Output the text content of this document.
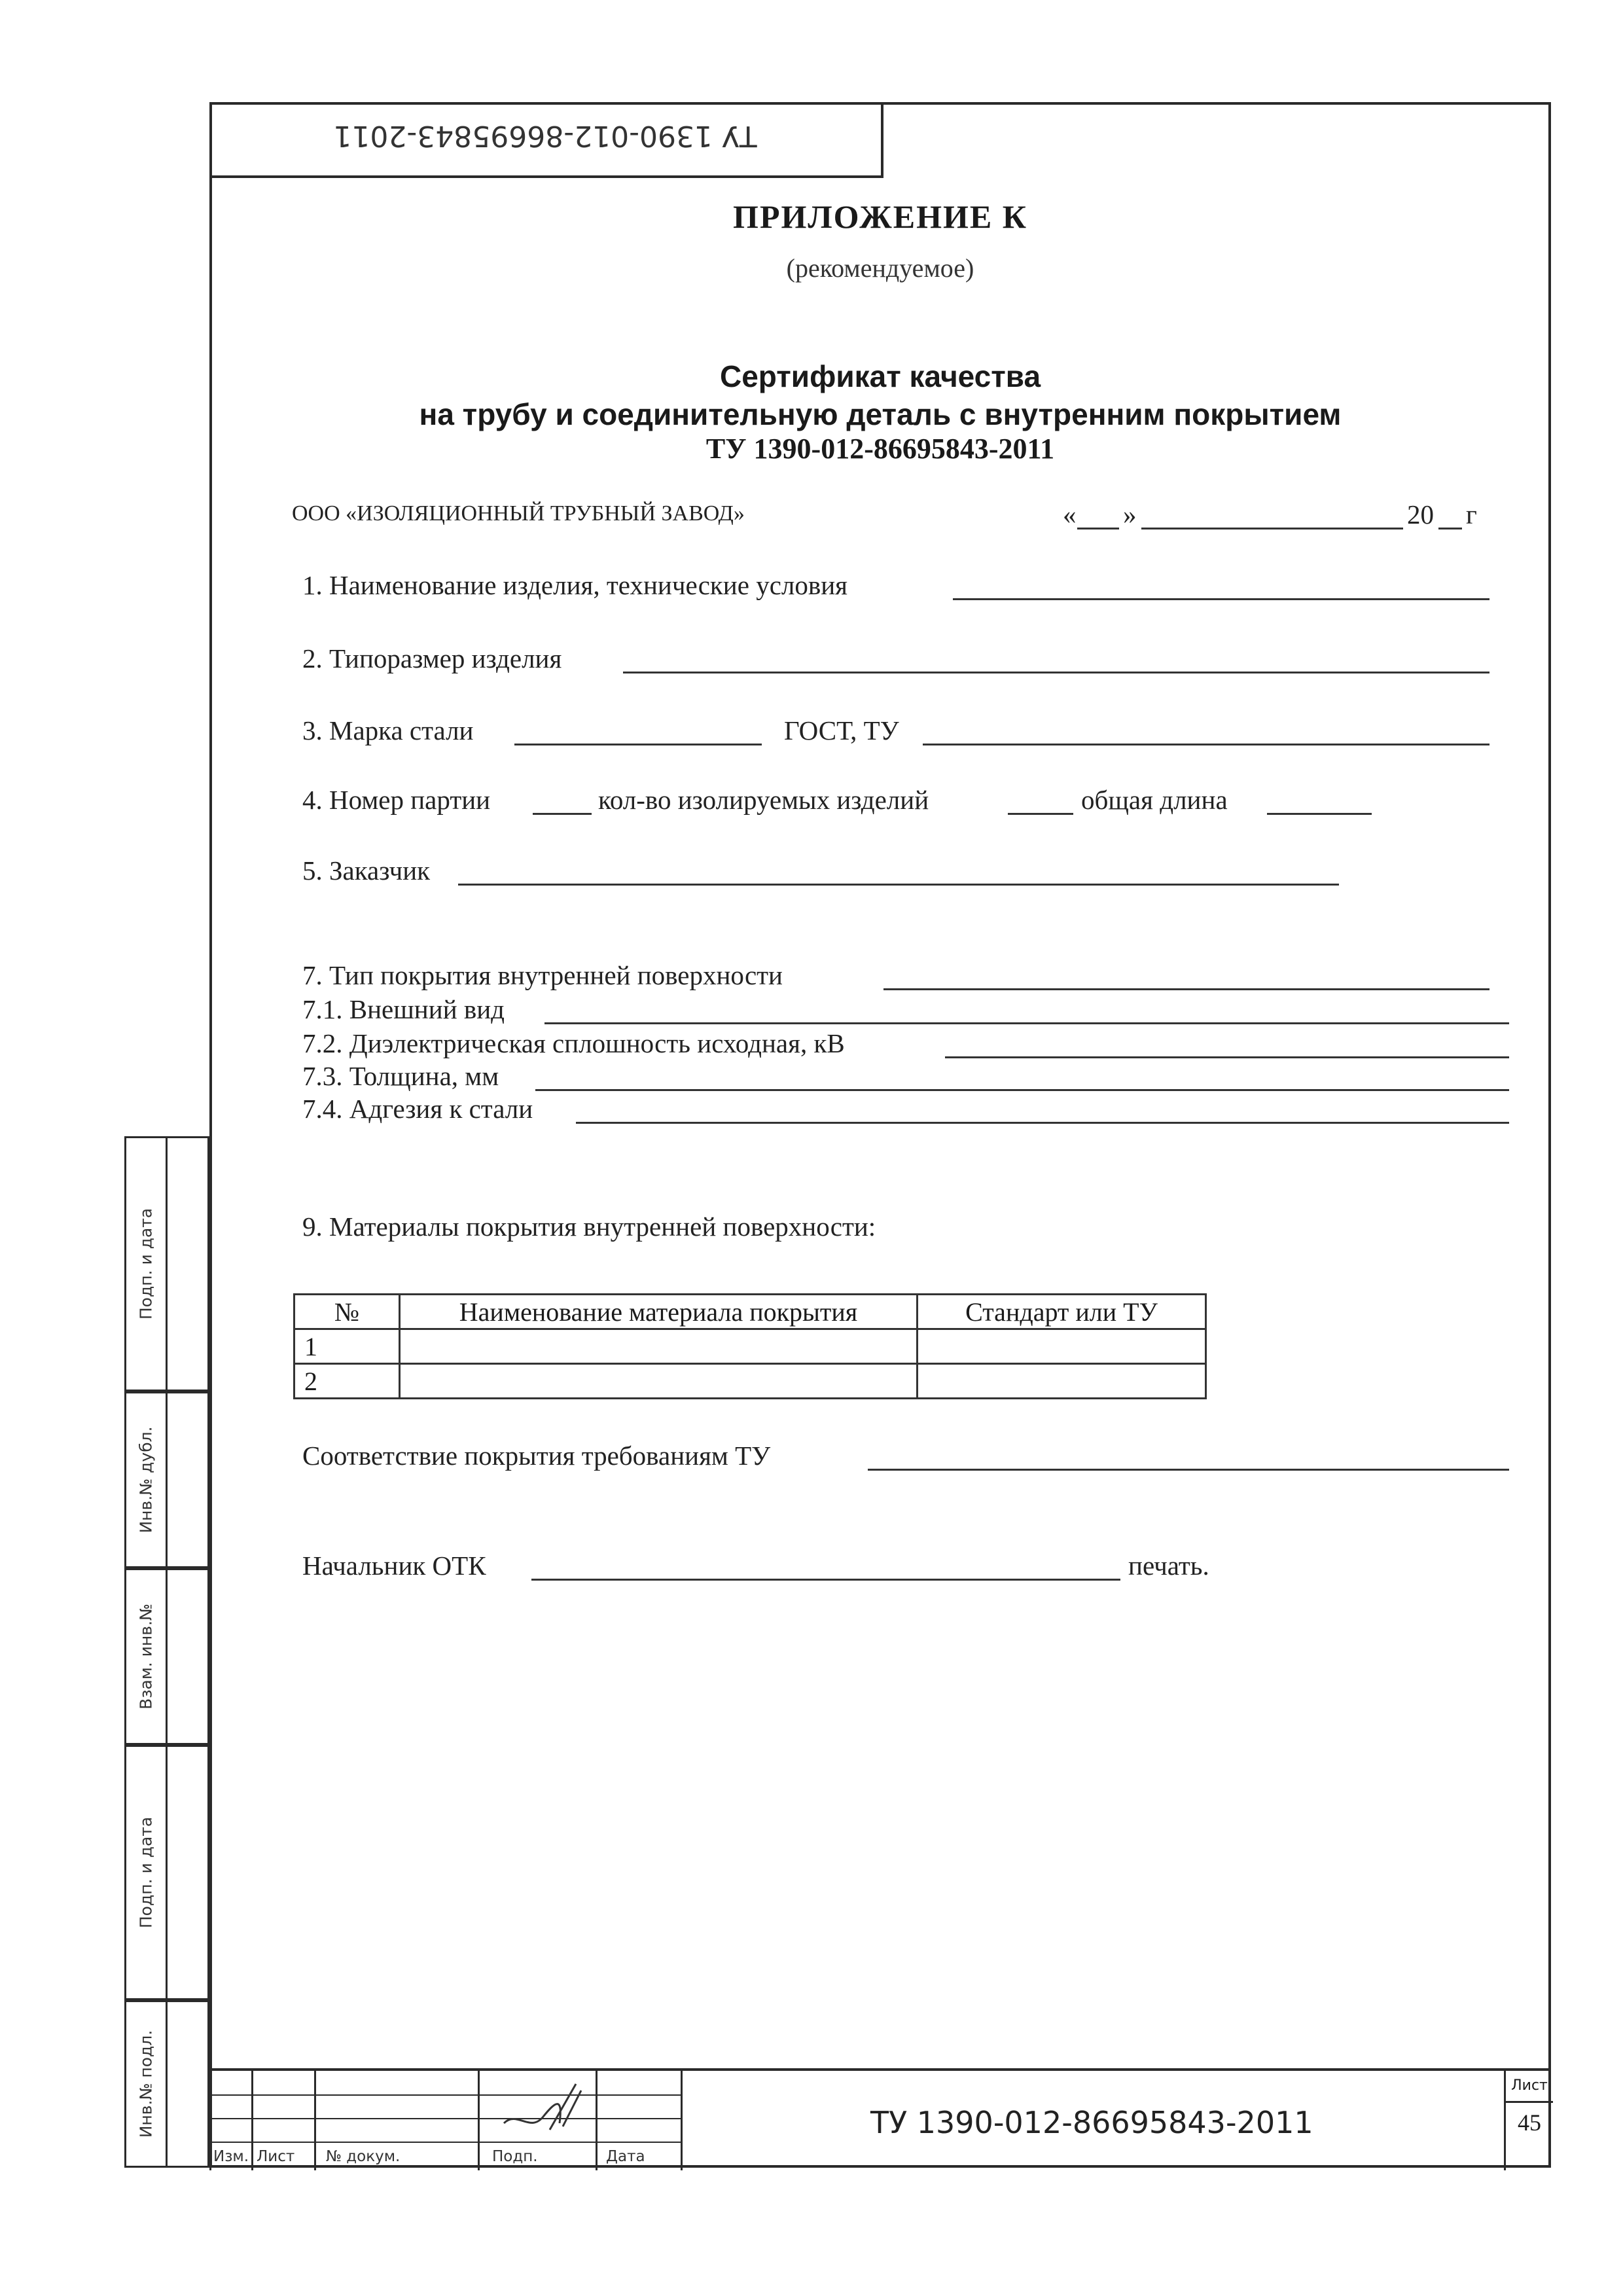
ТУ 1390-012-86695843-2011
ПРИЛОЖЕНИЕ К
(рекомендуемое)
Сертификат качества
на трубу и соединительную деталь с внутренним покрытием
ТУ 1390-012-86695843-2011
ООО «ИЗОЛЯЦИОННЫЙ ТРУБНЫЙ ЗАВОД»	« »	20 г
1. Наименование изделия, технические условия
2. Типоразмер изделия
3. Марка стали	ГОСТ, ТУ
4. Номер партии	кол-во изолируемых изделий	общая длина
5. Заказчик
7. Тип покрытия внутренней поверхности
7.1. Внешний вид
7.2. Диэлектрическая сплошность исходная, кВ
7.3. Толщина, мм
7.4. Адгезия к стали
9. Материалы покрытия внутренней поверхности:
№	Наименование материала покрытия	Стандарт или ТУ
1		
2		
Соответствие покрытия требованиям ТУ
Начальник ОТК	печать.
Подп. и дата
Инв.№ дубл.
Взам. инв.№
Подп. и дата
Инв.№ подл.
Изм. Лист № докум.	Подп.	Дата
ТУ 1390-012-86695843-2011
Лист
45
